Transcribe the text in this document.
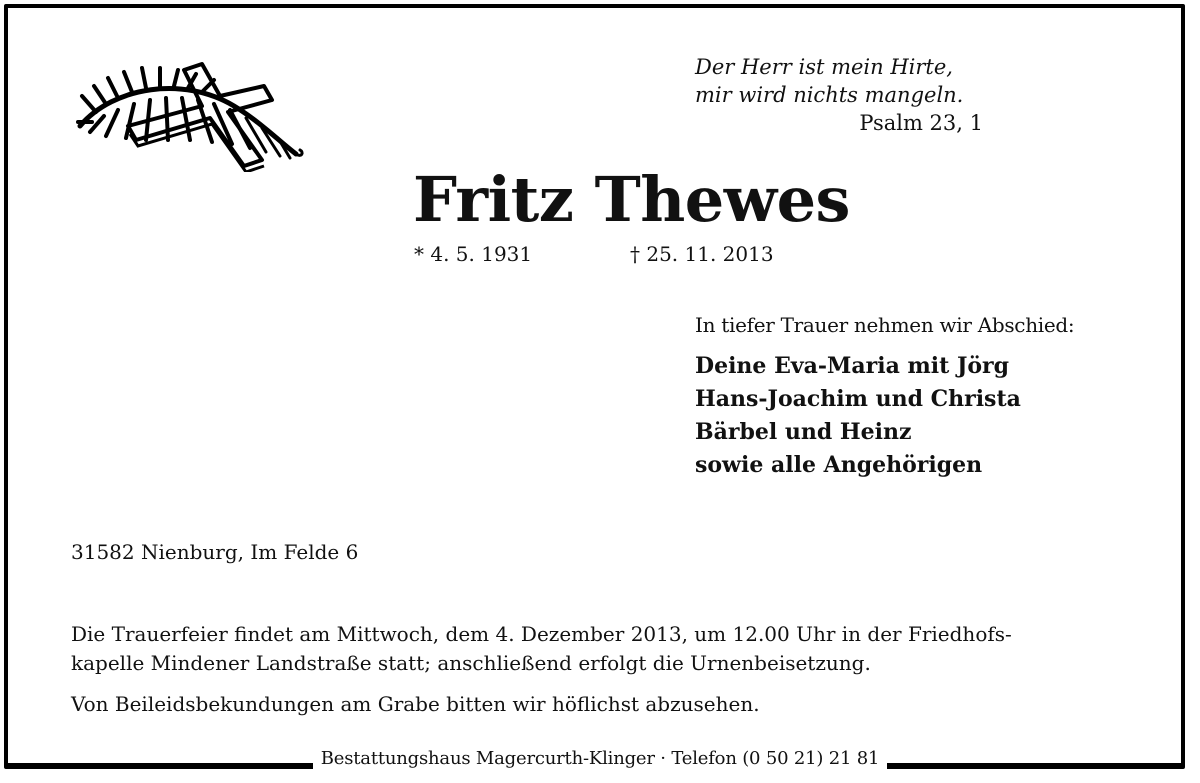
Der Herr ist mein Hirte,
mir wird nichts mangeln.
Psalm 23, 1
Fritz Thewes
* 4. 5. 1931	† 25. 11. 2013
In tiefer Trauer nehmen wir Abschied:
Deine Eva-Maria mit Jörg
Hans-Joachim und Christa
Bärbel und Heinz
sowie alle Angehörigen
31582 Nienburg, Im Felde 6
Die Trauerfeier findet am Mittwoch, dem 4. Dezember 2013, um 12.00 Uhr in der Friedhofs-
kapelle Mindener Landstraße statt; anschließend erfolgt die Urnenbeisetzung.
Von Beileidsbekundungen am Grabe bitten wir höflichst abzusehen.
Bestattungshaus Magercurth-Klinger · Telefon (0 50 21) 21 81
